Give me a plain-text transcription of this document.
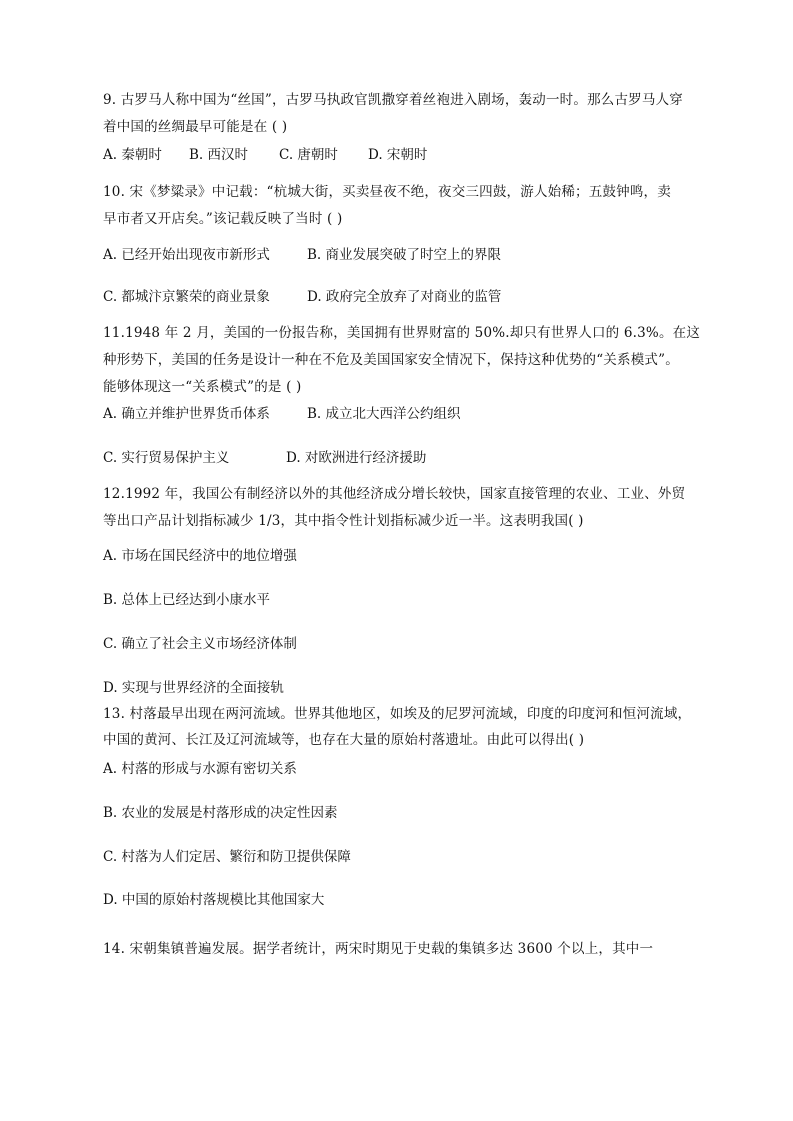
9. 古罗马人称中国为“丝国”，古罗马执政官凯撒穿着丝袍进入剧场，轰动一时。那么古罗马人穿
着中国的丝绸最早可能是在 ( )
A. 秦朝时 B. 西汉时 C. 唐朝时 D. 宋朝时
10. 宋《梦粱录》中记载：“杭城大街，买卖昼夜不绝，夜交三四鼓，游人始稀；五鼓钟鸣，卖
早市者又开店矣。”该记载反映了当时 ( )
A. 已经开始出现夜市新形式	B. 商业发展突破了时空上的界限
C. 都城汴京繁荣的商业景象	D. 政府完全放弃了对商业的监管
11.1948 年 2 月，美国的一份报告称，美国拥有世界财富的 50%.却只有世界人口的 6.3%。在这
种形势下，美国的任务是设计一种在不危及美国国家安全情况下，保持这种优势的“关系模式”。
能够体现这一“关系模式”的是 ( )
A. 确立并维护世界货币体系	B. 成立北大西洋公约组织
C. 实行贸易保护主义	D. 对欧洲进行经济援助
12.1992 年，我国公有制经济以外的其他经济成分增长较快，国家直接管理的农业、工业、外贸
等出口产品计划指标减少 1/3，其中指令性计划指标减少近一半。这表明我国( )
A. 市场在国民经济中的地位增强
B. 总体上已经达到小康水平
C. 确立了社会主义市场经济体制
D. 实现与世界经济的全面接轨
13. 村落最早出现在两河流域。世界其他地区，如埃及的尼罗河流域，印度的印度河和恒河流域，
中国的黄河、长江及辽河流域等，也存在大量的原始村落遗址。由此可以得出( )
A. 村落的形成与水源有密切关系
B. 农业的发展是村落形成的决定性因素
C. 村落为人们定居、繁衍和防卫提供保障
D. 中国的原始村落规模比其他国家大
14. 宋朝集镇普遍发展。据学者统计，两宋时期见于史载的集镇多达 3600 个以上，其中一
